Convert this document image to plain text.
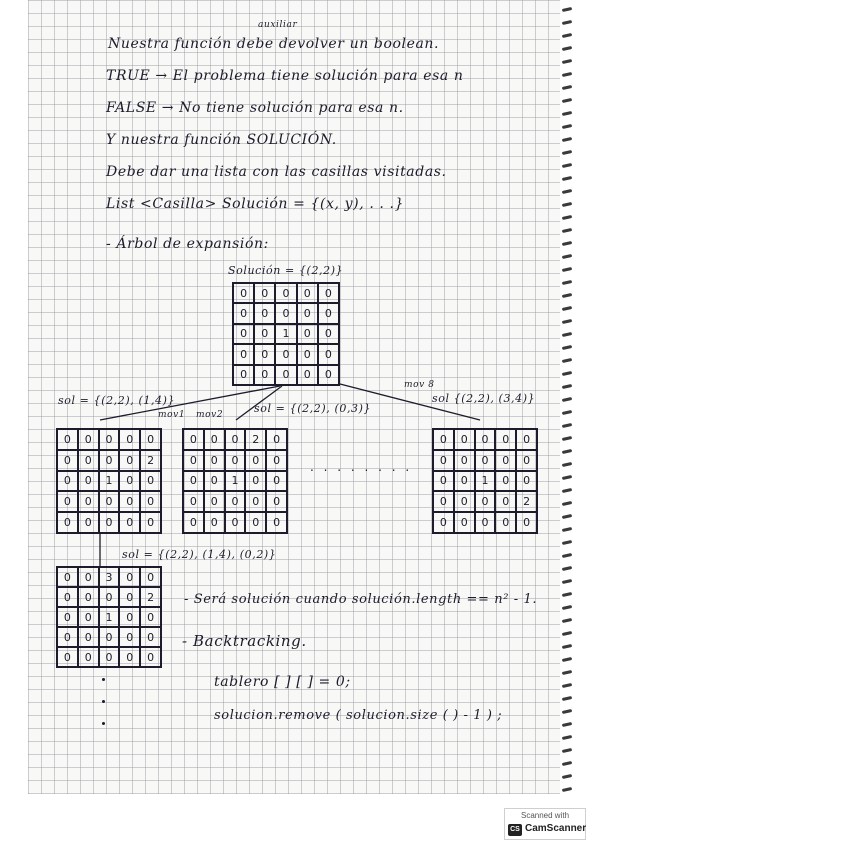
auxiliar
Nuestra función debe devolver un boolean.
TRUE → El problema tiene solución para esa n
FALSE → No tiene solución para esa n.
Y nuestra función SOLUCIÓN.
Debe dar una lista con las casillas visitadas.
List <Casilla> Solución = {(x, y), . . .}
- Árbol de expansión:
Solución = {(2,2)}
0	0	0	0	0
0	0	0	0	0
0	0	1	0	0
0	0	0	0	0
0	0	0	0	0
sol = {(2,2), (1,4)}
mov1 mov2	sol = {(2,2), (0,3)}
mov 8
sol {(2,2), (3,4)}
0	0	0	0	0
0	0	0	0	2
0	0	1	0	0
0	0	0	0	0
0	0	0	0	0
0	0	0	2	0
0	0	0	0	0
0	0	1	0	0
0	0	0	0	0
0	0	0	0	0
. . . . . . . .
0	0	0	0	0
0	0	0	0	0
0	0	1	0	0
0	0	0	0	2
0	0	0	0	0
sol = {(2,2), (1,4), (0,2)}
0	0	3	0	0
0	0	0	0	2
0	0	1	0	0
0	0	0	0	0
0	0	0	0	0
- Será solución cuando solución.length == n² - 1.
- Backtracking.
tablero [ ] [ ] = 0;
solucion.remove ( solucion.size ( ) - 1 ) ;
Scanned with
CS CamScanner
